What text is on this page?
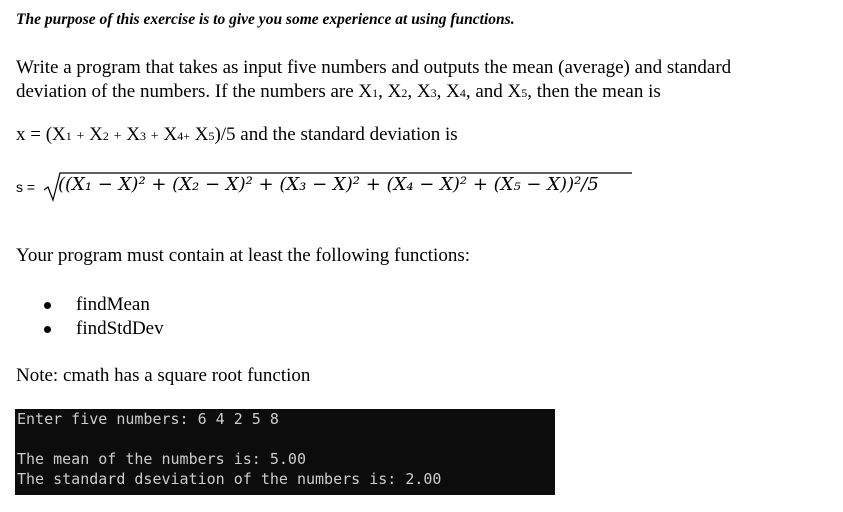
The purpose of this exercise is to give you some experience at using functions.
Write a program that takes as input five numbers and outputs the mean (average) and standard
deviation of the numbers. If the numbers are X1, X2, X3, X4, and X5, then the mean is
x = (X1 + X2 + X3 + X4+ X5)/5 and the standard deviation is
s = ((X₁ − X)² + (X₂ − X)² + (X₃ − X)² + (X₄ − X)² + (X₅ − X))²/5
Your program must contain at least the following functions:
findMean
findStdDev
Note: cmath has a square root function
Enter five numbers: 6 4 2 5 8
The mean of the numbers is: 5.00
The standard dseviation of the numbers is: 2.00
